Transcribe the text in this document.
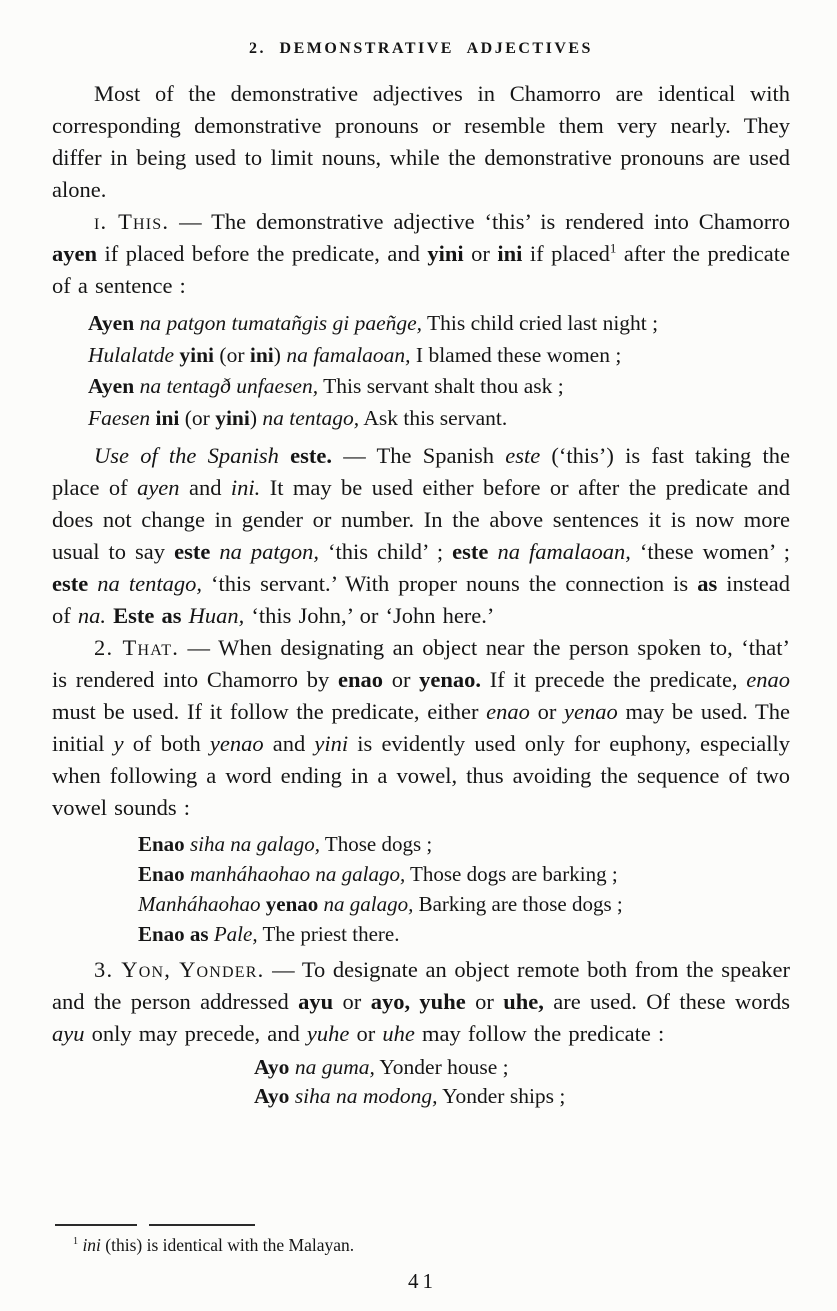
2. DEMONSTRATIVE ADJECTIVES
Most of the demonstrative adjectives in Chamorro are identical with corresponding demonstrative pronouns or resemble them very nearly. They differ in being used to limit nouns, while the demonstrative pronouns are used alone.
i. This. — The demonstrative adjective ‘this’ is rendered into Chamorro ayen if placed before the predicate, and yini or ini if placed$^1$ after the predicate of a sentence :
Ayen na patgon tumatañgis gi paeñge, This child cried last night ;
Hulalatde yini (or ini) na famalaoan, I blamed these women ;
Ayen na tentagð unfaesen, This servant shalt thou ask ;
Faesen ini (or yini) na tentago, Ask this servant.
Use of the Spanish este. — The Spanish este (‘this’) is fast taking the place of ayen and ini. It may be used either before or after the predicate and does not change in gender or number. In the above sentences it is now more usual to say este na patgon, ‘this child’ ; este na famalaoan, ‘these women’ ; este na tentago, ‘this servant.’ With proper nouns the connection is as instead of na. Este as Huan, ‘this John,’ or ‘John here.’
2. That. — When designating an object near the person spoken to, ‘that’ is rendered into Chamorro by enao or yenao. If it precede the predicate, enao must be used. If it follow the predicate, either enao or yenao may be used. The initial y of both yenao and yini is evidently used only for euphony, especially when following a word ending in a vowel, thus avoiding the sequence of two vowel sounds :
Enao siha na galago, Those dogs ;
Enao manháhaohao na galago, Those dogs are barking ;
Manháhaohao yenao na galago, Barking are those dogs ;
Enao as Pale, The priest there.
3. Yon, Yonder. — To designate an object remote both from the speaker and the person addressed ayu or ayo, yuhe or uhe, are used. Of these words ayu only may precede, and yuhe or uhe may follow the predicate :
Ayo na guma, Yonder house ;
Ayo siha na modong, Yonder ships ;
$^1$ ini (this) is identical with the Malayan.
41
